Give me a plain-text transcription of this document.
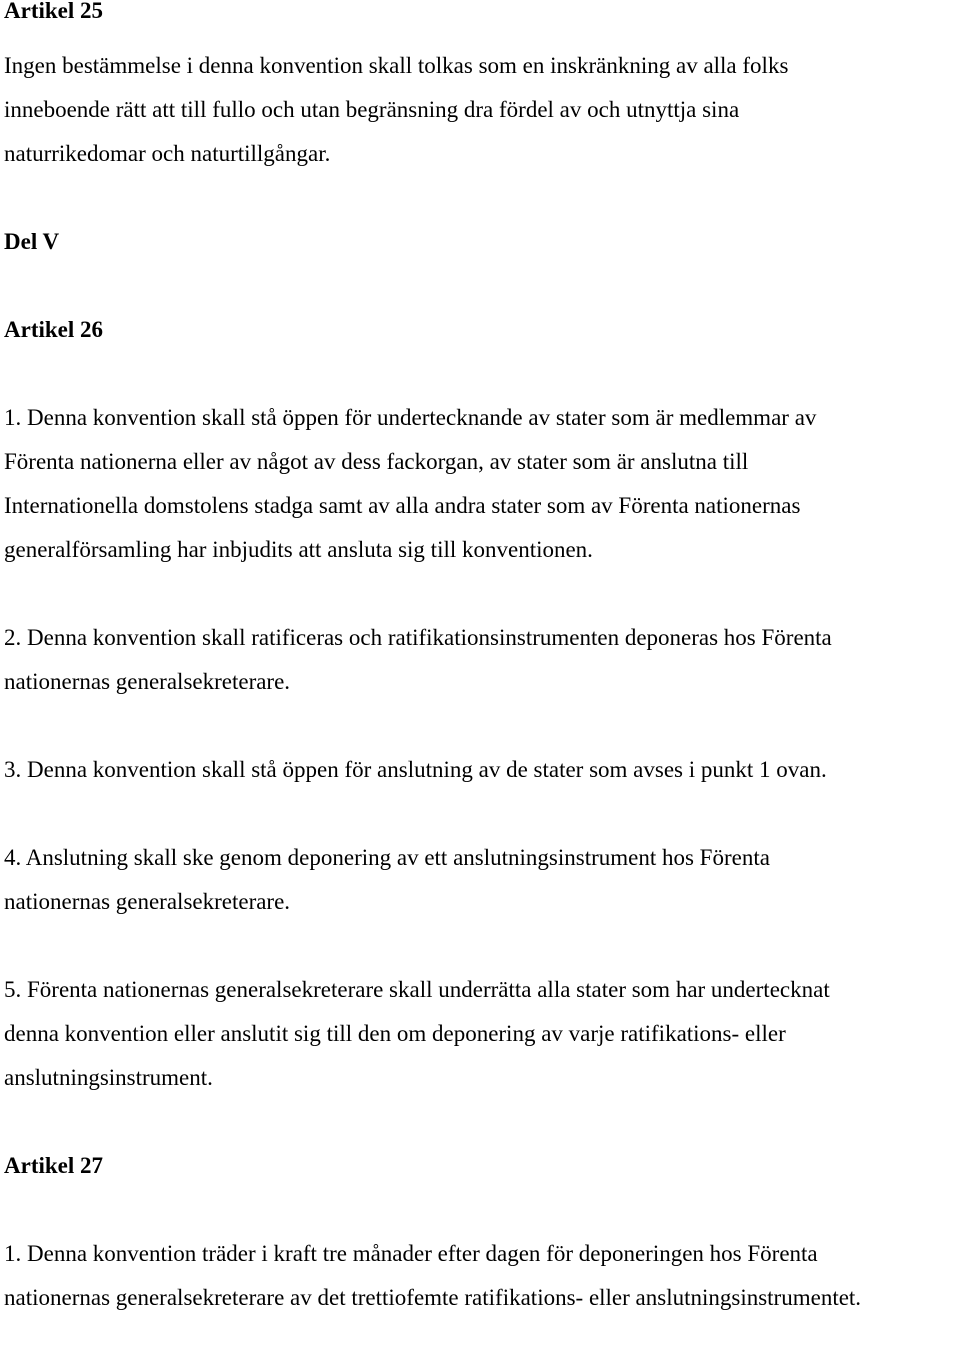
Artikel 25
Ingen bestämmelse i denna konvention skall tolkas som en inskränkning av alla folks
inneboende rätt att till fullo och utan begränsning dra fördel av och utnyttja sina
naturrikedomar och naturtillgångar.
Del V
Artikel 26
1. Denna konvention skall stå öppen för undertecknande av stater som är medlemmar av
Förenta nationerna eller av något av dess fackorgan, av stater som är anslutna till
Internationella domstolens stadga samt av alla andra stater som av Förenta nationernas
generalförsamling har inbjudits att ansluta sig till konventionen.
2. Denna konvention skall ratificeras och ratifikationsinstrumenten deponeras hos Förenta
nationernas generalsekreterare.
3. Denna konvention skall stå öppen för anslutning av de stater som avses i punkt 1 ovan.
4. Anslutning skall ske genom deponering av ett anslutningsinstrument hos Förenta
nationernas generalsekreterare.
5. Förenta nationernas generalsekreterare skall underrätta alla stater som har undertecknat
denna konvention eller anslutit sig till den om deponering av varje ratifikations- eller
anslutningsinstrument.
Artikel 27
1. Denna konvention träder i kraft tre månader efter dagen för deponeringen hos Förenta
nationernas generalsekreterare av det trettiofemte ratifikations- eller anslutningsinstrumentet.
